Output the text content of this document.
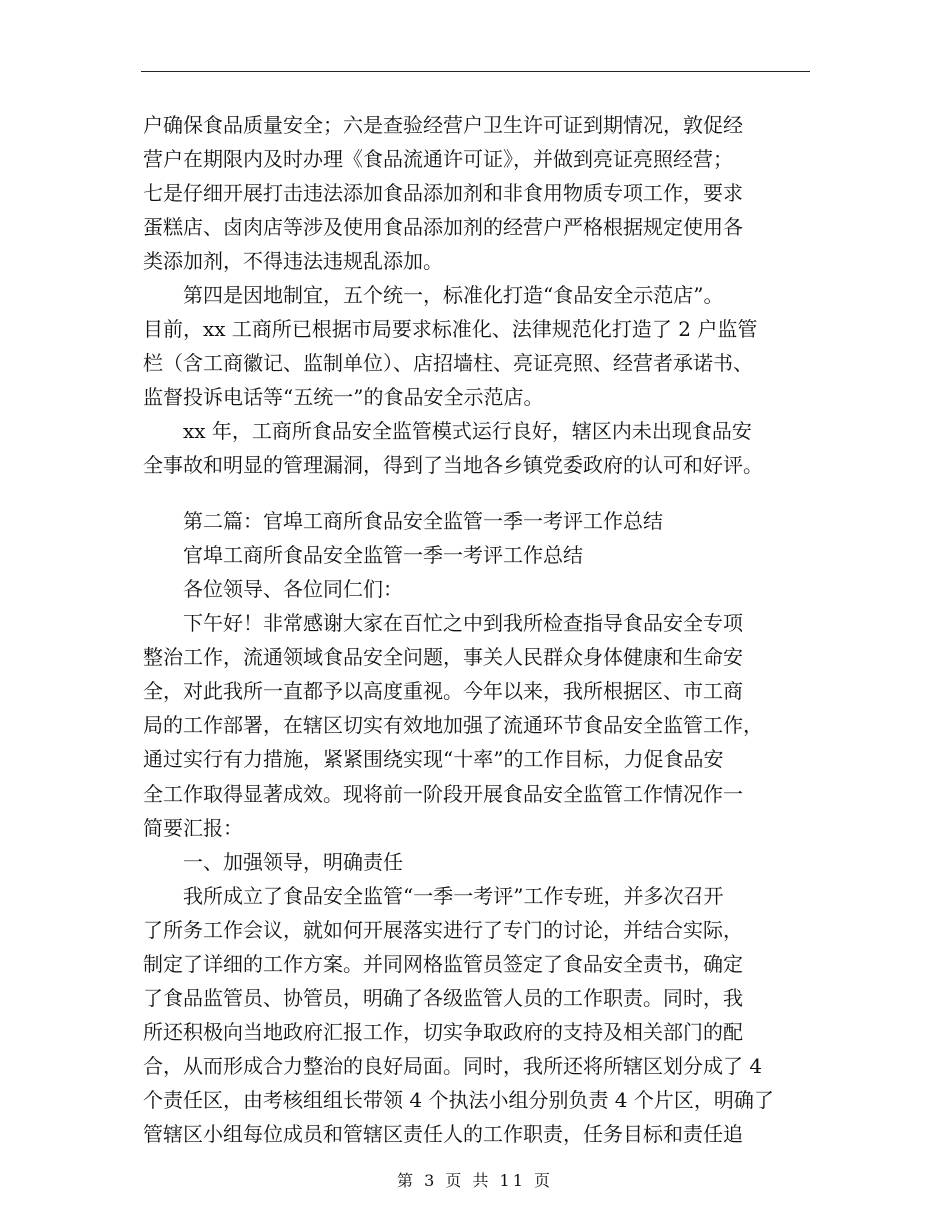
户确保食品质量安全；六是查验经营户卫生许可证到期情况，敦促经
营户在期限内及时办理《食品流通许可证》，并做到亮证亮照经营；
七是仔细开展打击违法添加食品添加剂和非食用物质专项工作，要求
蛋糕店、卤肉店等涉及使用食品添加剂的经营户严格根据规定使用各
类添加剂，不得违法违规乱添加。
第四是因地制宜，五个统一，标准化打造“食品安全示范店”。
目前，xx 工商所已根据市局要求标准化、法律规范化打造了 2 户监管
栏（含工商徽记、监制单位）、店招墙柱、亮证亮照、经营者承诺书、
监督投诉电话等“五统一”的食品安全示范店。
xx 年，工商所食品安全监管模式运行良好，辖区内未出现食品安
全事故和明显的管理漏洞，得到了当地各乡镇党委政府的认可和好评。
第二篇：官埠工商所食品安全监管一季一考评工作总结
官埠工商所食品安全监管一季一考评工作总结
各位领导、各位同仁们：
下午好！非常感谢大家在百忙之中到我所检查指导食品安全专项
整治工作，流通领域食品安全问题，事关人民群众身体健康和生命安
全，对此我所一直都予以高度重视。今年以来，我所根据区、市工商
局的工作部署，在辖区切实有效地加强了流通环节食品安全监管工作，
通过实行有力措施，紧紧围绕实现“十率”的工作目标，力促食品安
全工作取得显著成效。现将前一阶段开展食品安全监管工作情况作一
简要汇报：
一、加强领导，明确责任
我所成立了食品安全监管“一季一考评”工作专班，并多次召开
了所务工作会议，就如何开展落实进行了专门的讨论，并结合实际，
制定了详细的工作方案。并同网格监管员签定了食品安全责书，确定
了食品监管员、协管员，明确了各级监管人员的工作职责。同时，我
所还积极向当地政府汇报工作，切实争取政府的支持及相关部门的配
合，从而形成合力整治的良好局面。同时，我所还将所辖区划分成了 4
个责任区，由考核组组长带领 4 个执法小组分别负责 4 个片区，明确了
管辖区小组每位成员和管辖区责任人的工作职责，任务目标和责任追
第 3 页 共 11 页
